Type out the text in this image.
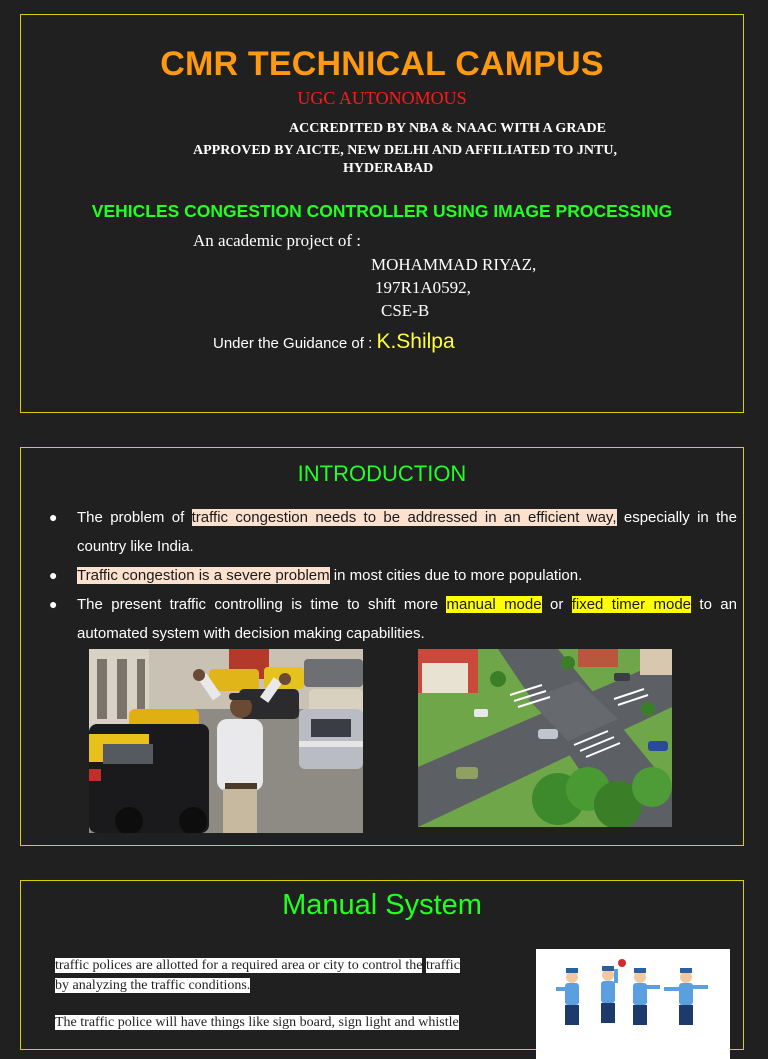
CMR TECHNICAL CAMPUS
UGC AUTONOMOUS
ACCREDITED BY NBA & NAAC WITH A GRADE
APPROVED BY AICTE, NEW DELHI AND AFFILIATED TO JNTU,
HYDERABAD
VEHICLES CONGESTION CONTROLLER USING IMAGE PROCESSING
An academic project of :
MOHAMMAD RIYAZ,
197R1A0592,
CSE-B
Under the Guidance of : K.Shilpa
INTRODUCTION
● The problem of traffic congestion needs to be addressed in an efficient way, especially in the country like India.
● Traffic congestion is a severe problem in most cities due to more population.
● The present traffic controlling is time to shift more manual mode or fixed timer mode to an automated system with decision making capabilities.
Manual System
traffic polices are allotted for a required area or city to control the traffic
by analyzing the traffic conditions.
The traffic police will have things like sign board, sign light and whistle
